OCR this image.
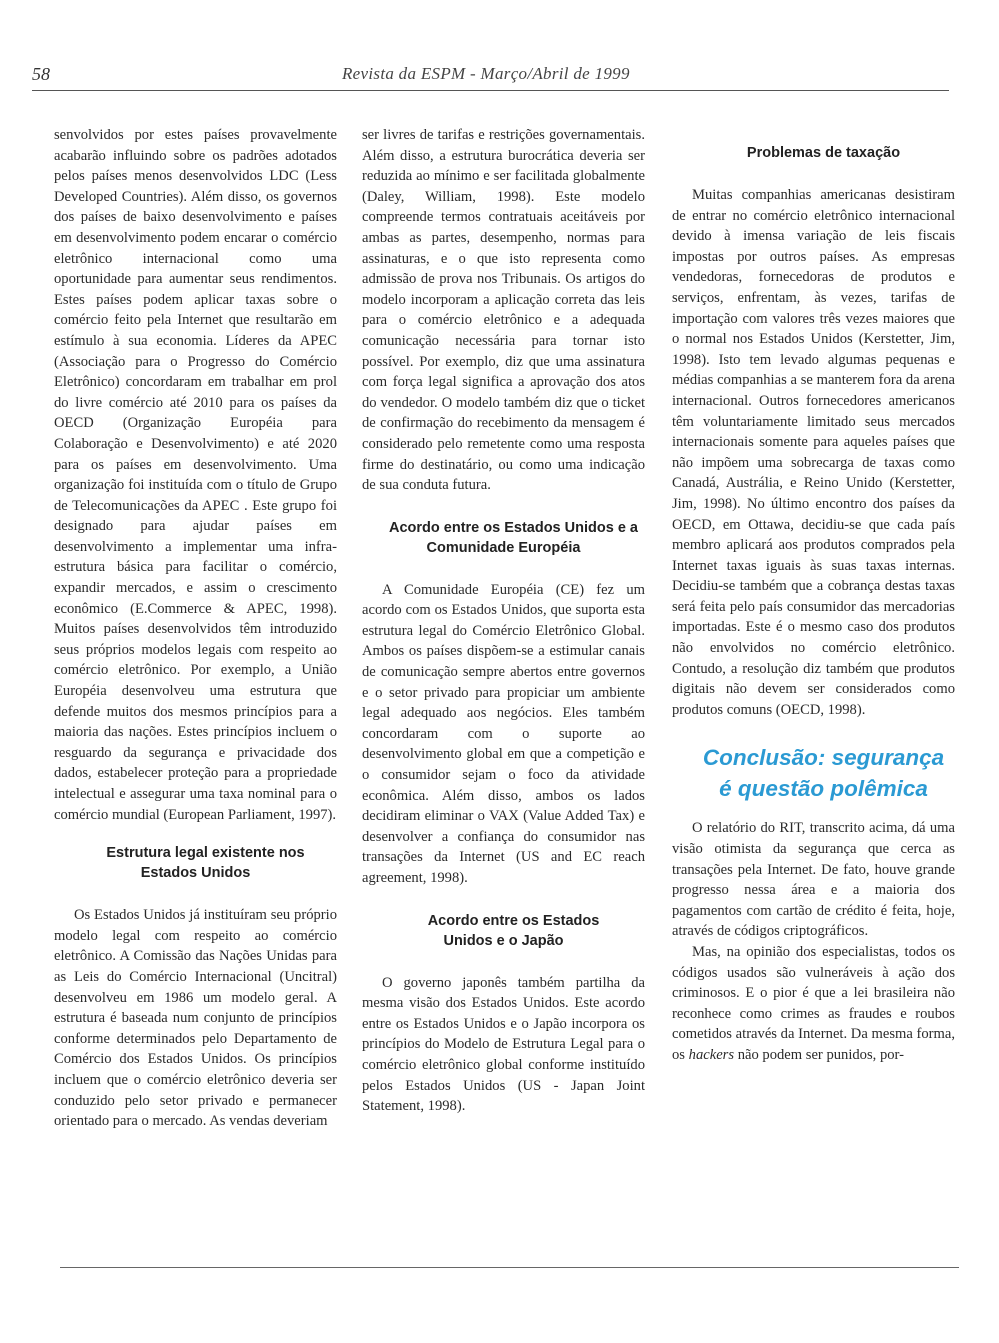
58	Revista da ESPM - Março/Abril de 1999

senvolvidos por estes países provavelmente acabarão influindo sobre os padrões adotados pelos países menos desenvolvidos LDC (Less Developed Countries). Além disso, os governos dos países de baixo desenvolvimento e países em desenvolvimento podem encarar o comércio eletrônico internacional como uma oportunidade para aumentar seus rendimentos. Estes países podem aplicar taxas sobre o comércio feito pela Internet que resultarão em estímulo à sua economia. Líderes da APEC (Associação para o Progresso do Comércio Eletrônico) concordaram em trabalhar em prol do livre comércio até 2010 para os países da OECD (Organização Européia para Colaboração e Desenvolvimento) e até 2020 para os países em desenvolvimento. Uma organização foi instituída com o título de Grupo de Telecomunicações da APEC . Este grupo foi designado para ajudar países em desenvolvimento a implementar uma infra-estrutura básica para facilitar o comércio, expandir mercados, e assim o crescimento econômico (E.Commerce & APEC, 1998). Muitos países desenvolvidos têm introduzido seus próprios modelos legais com respeito ao comércio eletrônico. Por exemplo, a União Européia desenvolveu uma estrutura que defende muitos dos mesmos princípios para a maioria das nações. Estes princípios incluem o resguardo da segurança e privacidade dos dados, estabelecer proteção para a propriedade intelectual e assegurar uma taxa nominal para o comércio mundial (European Parliament, 1997).

Estrutura legal existente nos Estados Unidos

Os Estados Unidos já instituíram seu próprio modelo legal com respeito ao comércio eletrônico. A Comissão das Nações Unidas para as Leis do Comércio Internacional (Uncitral) desenvolveu em 1986 um modelo geral. A estrutura é baseada num conjunto de princípios conforme determinados pelo Departamento de Comércio dos Estados Unidos. Os princípios incluem que o comércio eletrônico deveria ser conduzido pelo setor privado e permanecer orientado para o mercado. As vendas deveriam

ser livres de tarifas e restrições governamentais. Além disso, a estrutura burocrática deveria ser reduzida ao mínimo e ser facilitada globalmente (Daley, William, 1998). Este modelo compreende termos contratuais aceitáveis por ambas as partes, desempenho, normas para assinaturas, e o que isto representa como admissão de prova nos Tribunais. Os artigos do modelo incorporam a aplicação correta das leis para o comércio eletrônico e a adequada comunicação necessária para tornar isto possível. Por exemplo, diz que uma assinatura com força legal significa a aprovação dos atos do vendedor. O modelo também diz que o ticket de confirmação do recebimento da mensagem é considerado pelo remetente como uma resposta firme do destinatário, ou como uma indicação de sua conduta futura.

Acordo entre os Estados Unidos e a Comunidade Européia

A Comunidade Européia (CE) fez um acordo com os Estados Unidos, que suporta esta estrutura legal do Comércio Eletrônico Global. Ambos os países dispõem-se a estimular canais de comunicação sempre abertos entre governos e o setor privado para propiciar um ambiente legal adequado aos negócios. Eles também concordaram com o suporte ao desenvolvimento global em que a competição e o consumidor sejam o foco da atividade econômica. Além disso, ambos os lados decidiram eliminar o VAX (Value Added Tax) e desenvolver a confiança do consumidor nas transações da Internet (US and EC reach agreement, 1998).

Acordo entre os Estados Unidos e o Japão

O governo japonês também partilha da mesma visão dos Estados Unidos. Este acordo entre os Estados Unidos e o Japão incorpora os princípios do Modelo de Estrutura Legal para o comércio eletrônico global conforme instituído pelos Estados Unidos (US - Japan Joint Statement, 1998).

Problemas de taxação

Muitas companhias americanas desistiram de entrar no comércio eletrônico internacional devido à imensa variação de leis fiscais impostas por outros países. As empresas vendedoras, fornecedoras de produtos e serviços, enfrentam, às vezes, tarifas de importação com valores três vezes maiores que o normal nos Estados Unidos (Kerstetter, Jim, 1998). Isto tem levado algumas pequenas e médias companhias a se manterem fora da arena internacional. Outros fornecedores americanos têm voluntariamente limitado seus mercados internacionais somente para aqueles países que não impõem uma sobrecarga de taxas como Canadá, Austrália, e Reino Unido (Kerstetter, Jim, 1998). No último encontro dos países da OECD, em Ottawa, decidiu-se que cada país membro aplicará aos produtos comprados pela Internet taxas iguais às suas taxas internas. Decidiu-se também que a cobrança destas taxas será feita pelo país consumidor das mercadorias importadas. Este é o mesmo caso dos produtos não envolvidos no comércio eletrônico. Contudo, a resolução diz também que produtos digitais não devem ser considerados como produtos comuns (OECD, 1998).

Conclusão: segurança

é questão polêmica

O relatório do RIT, transcrito acima, dá uma visão otimista da segurança que cerca as transações pela Internet. De fato, houve grande progresso nessa área e a maioria dos pagamentos com cartão de crédito é feita, hoje, através de códigos criptográficos.

Mas, na opinião dos especialistas, todos os códigos usados são vulneráveis à ação dos criminosos. E o pior é que a lei brasileira não reconhece como crimes as fraudes e roubos cometidos através da Internet. Da mesma forma, os hackers não podem ser punidos, por-
